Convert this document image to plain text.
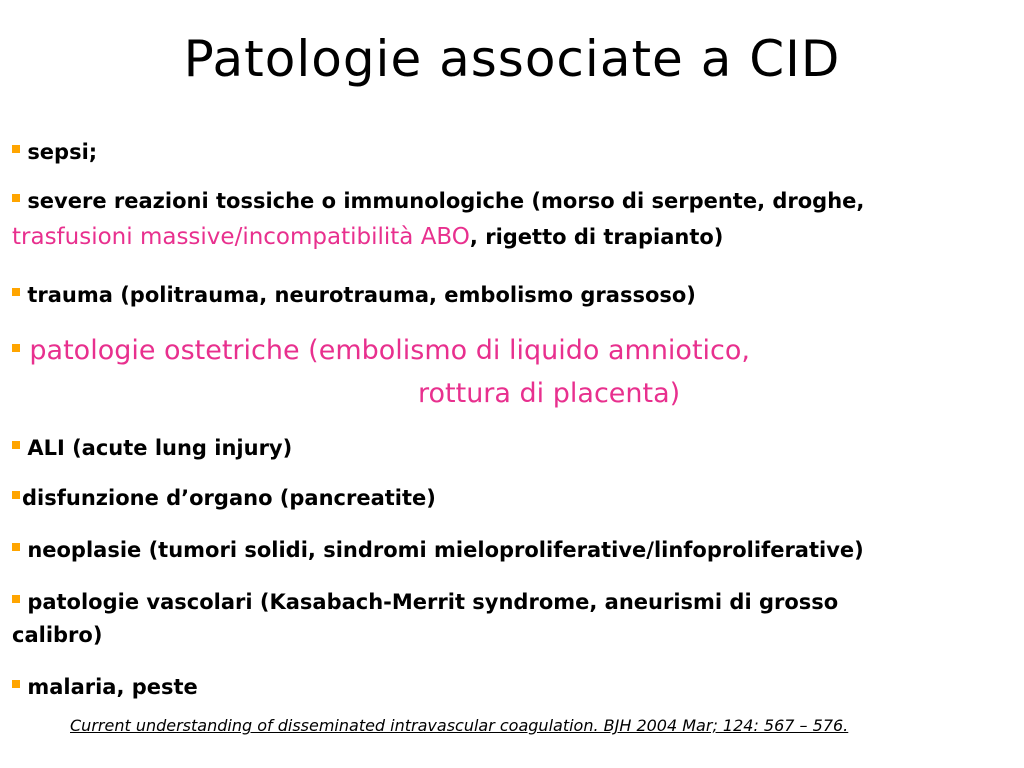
Patologie associate a CID
sepsi;
severe reazioni tossiche o immunologiche (morso di serpente, droghe,
trasfusioni massive/incompatibilità ABO, rigetto di trapianto)
trauma (politrauma, neurotrauma, embolismo grassoso)
patologie ostetriche (embolismo di liquido amniotico,
rottura di placenta)
ALI (acute lung injury)
disfunzione d’organo (pancreatite)
neoplasie (tumori solidi, sindromi mieloproliferative/linfoproliferative)
patologie vascolari (Kasabach-Merrit syndrome, aneurismi di grosso
calibro)
malaria, peste
Current understanding of disseminated intravascular coagulation. BJH 2004 Mar; 124: 567 – 576.
